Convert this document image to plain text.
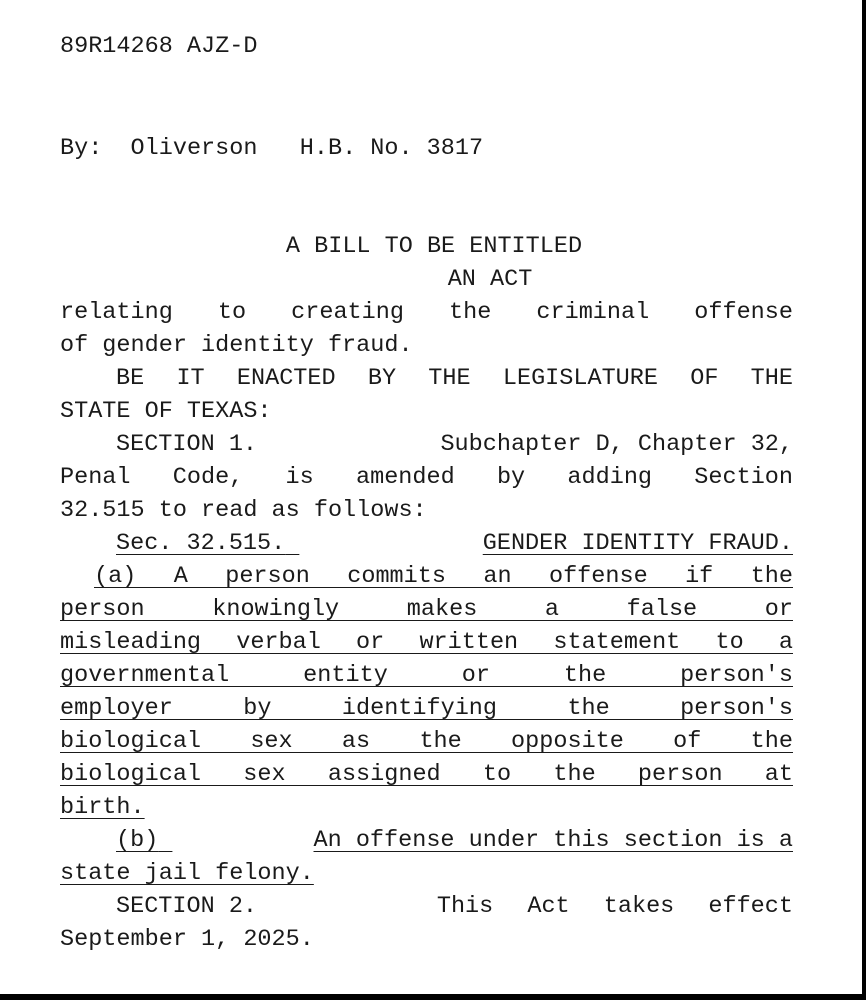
89R14268 AJZ-D
By: Oliverson H.B. No. 3817
A BILL TO BE ENTITLED
AN ACT
relating to creating the criminal offense
of gender identity fraud.
BE IT ENACTED BY THE LEGISLATURE OF THE
STATE OF TEXAS:
SECTION 1.	Subchapter D, Chapter 32,
Penal Code, is amended by adding Section
32.515 to read as follows:
Sec. 32.515.	GENDER IDENTITY FRAUD.
(a) A person commits an offense if the
person knowingly makes a false or
misleading verbal or written statement to a
governmental entity or the person's
employer by identifying the person's
biological sex as the opposite of the
biological sex assigned to the person at
birth.
(b)	An offense under this section is a
state jail felony.
SECTION 2.	This Act takes effect
September 1, 2025.
